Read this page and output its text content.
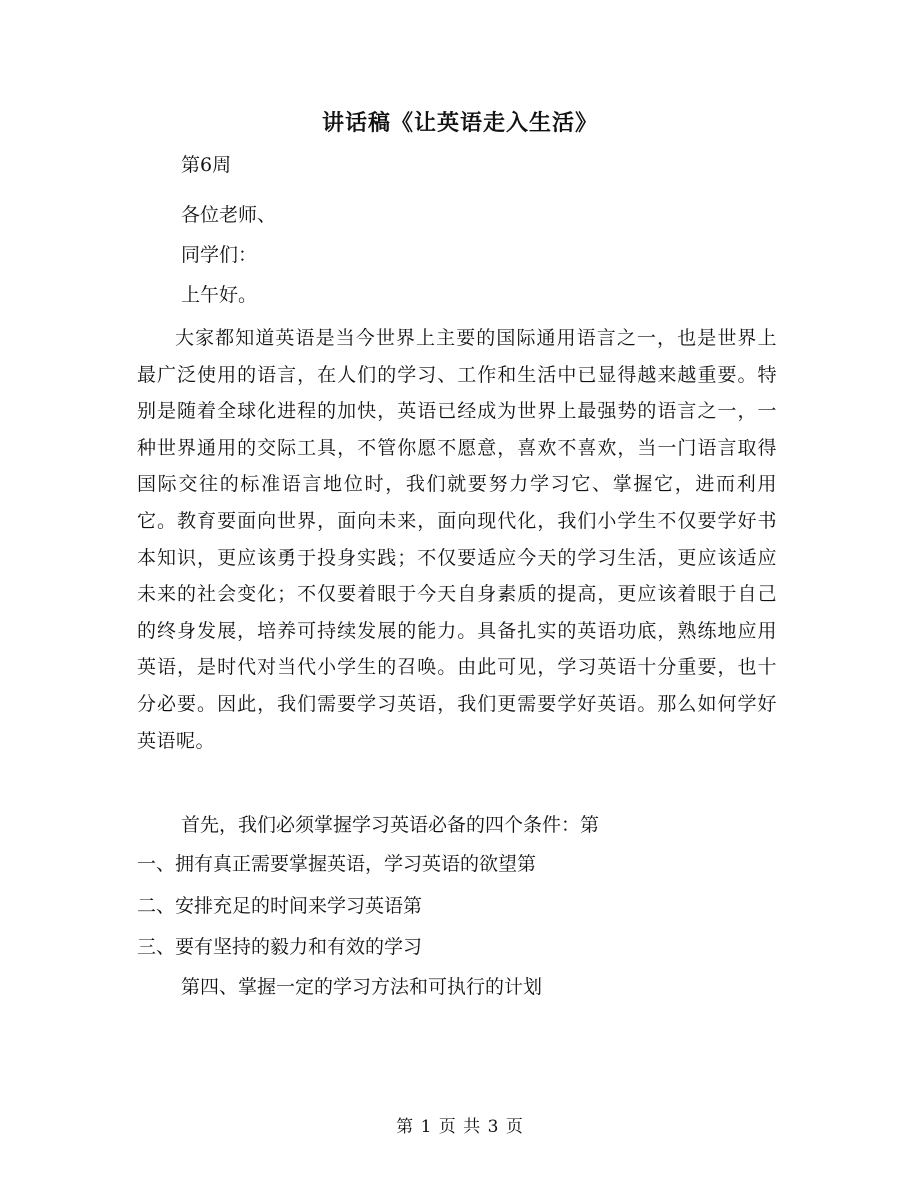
讲话稿《让英语走入生活》
第6周
各位老师、
同学们：
上午好。
大家都知道英语是当今世界上主要的国际通用语言之一，也是世界上最广泛使用的语言，在人们的学习、工作和生活中已显得越来越重要。特别是随着全球化进程的加快，英语已经成为世界上最强势的语言之一，一种世界通用的交际工具，不管你愿不愿意，喜欢不喜欢，当一门语言取得国际交往的标准语言地位时，我们就要努力学习它、掌握它，进而利用它。教育要面向世界，面向未来，面向现代化，我们小学生不仅要学好书本知识，更应该勇于投身实践；不仅要适应今天的学习生活，更应该适应未来的社会变化；不仅要着眼于今天自身素质的提高，更应该着眼于自己的终身发展，培养可持续发展的能力。具备扎实的英语功底，熟练地应用英语，是时代对当代小学生的召唤。由此可见，学习英语十分重要，也十分必要。因此，我们需要学习英语，我们更需要学好英语。那么如何学好英语呢。
首先，我们必须掌握学习英语必备的四个条件：第
一、拥有真正需要掌握英语，学习英语的欲望第
二、安排充足的时间来学习英语第
三、要有坚持的毅力和有效的学习
第四、掌握一定的学习方法和可执行的计划
第 1 页 共 3 页
